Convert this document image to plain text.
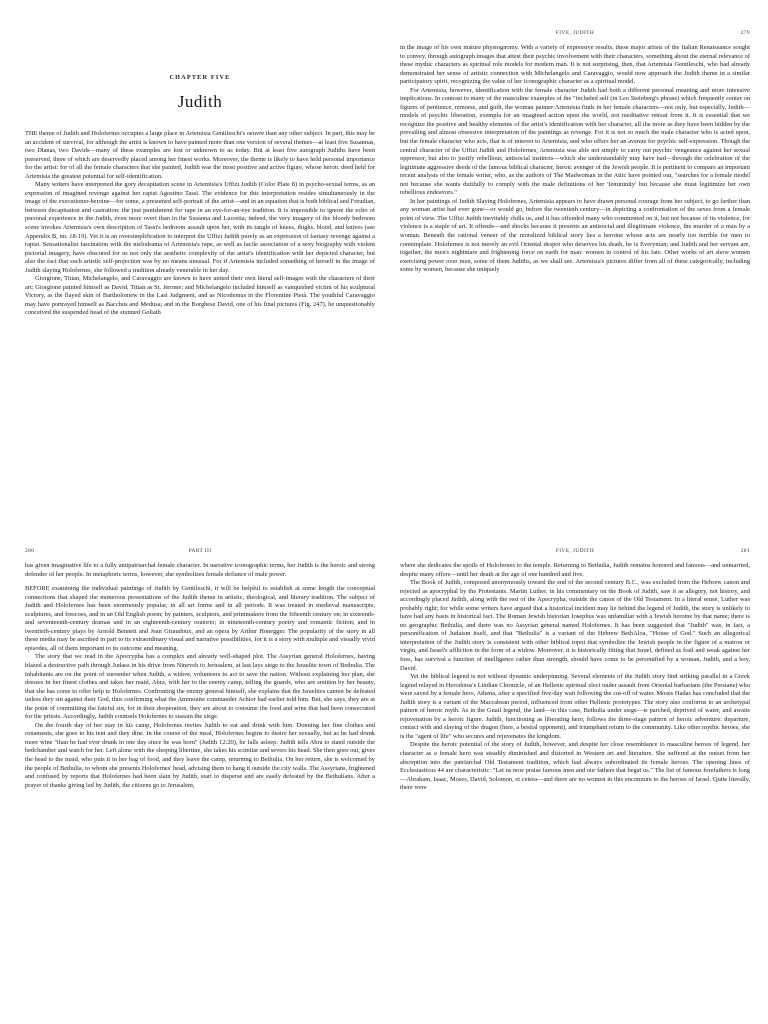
CHAPTER FIVE
Judith

THE theme of Judith and Holofernes occupies a large place in Artemisia Gentileschi's oeuvre than any other subject. In part, this may be an accident of survival, for although the artist is known to have painted more than one version of several themes—at least five Susannas, two Dianas, two Davids—many of these examples are lost or unknown to us today. But at least five autograph Judiths have been preserved, three of which are deservedly placed among her finest works. Moreover, the theme is likely to have held personal importance for the artist: for of all the female characters that she painted, Judith was the most positive and active figure, whose heroic deed held for Artemisia the greatest potential for self-identification.

Many writers have interpreted the gory decapitation scene in Artemisia's Uffizi Judith (Color Plate 8) in psycho-sexual terms, as an expression of imagined revenge against her rapist Agostino Tassi. The evidence for this interpretation resides simultaneously in the image of the executioner-heroine—for some, a presumed self-portrait of the artist—and in an equation that is both biblical and Freudian, between decapitation and castration: the just punishment for rape in an eye-for-an-eye tradition. It is impossible to ignore the echo of personal experience in the Judith, even more overt than in the Susanna and Lucretia; indeed, the very imagery of the bloody bedroom scene invokes Artemisia's own description of Tassi's bedroom assault upon her, with its tangle of knees, thighs, blood, and knives (see Appendix B, nn. 18-19). Yet it is an oversimplification to interpret the Uffizi Judith purely as an expression of fantasy revenge against a rapist. Sensationalist fascination with the melodrama of Artemisia's rape, as well as facile association of a sexy biography with violent pictorial imagery, have obscured for us not only the aesthetic complexity of the artist's identification with her depicted character, but also the fact that such artistic self-projection was by no means unusual. For if Artemisia included something of herself in the image of Judith slaying Holofernes, she followed a tradition already venerable in her day.

Giorgione, Titian, Michelangelo, and Caravaggio are known to have united their own literal self-images with the characters of their art: Giorgione painted himself as David, Titian as St. Jerome; and Michelangelo included himself as vanquished victim of his sculptural Victory, as the flayed skin of Bartholomew in the Last Judgment, and as Nicodemus in the Florentine Pietà. The youthful Caravaggio may have portrayed himself as Bacchus and Medusa; and in the Borghese David, one of his final pictures (Fig. 247), he unquestionably conceived the suspended head of the stunned Goliath

FIVE, JUDITH	279

in the image of his own mature physiognomy. With a variety of expressive results, these major artists of the Italian Renaissance sought to convey, through autograph images that attest their psychic involvement with their characters, something about the eternal relevance of these mythic characters as spiritual role models for modern man. It is not surprising, then, that Artemisia Gentileschi, who had already demonstrated her sense of artistic connection with Michelangelo and Caravaggio, would now approach the Judith theme in a similar participatory spirit, recognizing the value of her iconographic character as a spiritual model.

For Artemisia, however, identification with the female character Judith had both a different personal meaning and more intensive implications. In contrast to many of the masculine examples of the "included self (in Leo Steinberg's phrase) which frequently center on figures of penitence, remorse, and guilt, the woman painter Artemisia finds in her female characters—not only, but especially, Judith—models of psychic liberation, exempla for an imagined action upon the world, not meditative retreat from it. It is essential that we recognize the positive and healthy elements of the artist's identification with her character, all the more as they have been hidden by the prevailing and almost obsessive interpretation of the paintings as revenge. For it is not so much the male character who is acted upon, but the female character who acts, that is of interest to Artemisia, and who offers her an avenue for psychic self-expression. Though the central character of the Uffizi Judith and Holofernes, Artemisia was able not simply to carry out psychic vengeance against her sexual oppressor, but also to justify rebellious, antisocial instincts—which she understandably may have had—through the celebration of the legitimate aggressive deeds of the famous biblical character, heroic avenger of the Jewish people. It is pertinent to compare an important recent analysis of the female writer, who, as the authors of The Madwoman in the Attic have pointed out, "searches for a female model not because she wants dutifully to comply with the male definitions of her 'femininity' but because she must legitimize her own rebellious endeavors."

In her paintings of Judith Slaying Holofernes, Artemisia appears to have drawn personal courage from her subject, to go farther than any woman artist had ever gone—or would go, before the twentieth century—in depicting a confrontation of the sexes from a female point of view. The Uffizi Judith inevitably chills us, and it has offended many who commented on it, but not because of its violence, for violence is a staple of art. It offends—and shocks because it presents an antisocial and illegitimate violence, the murder of a man by a woman. Beneath the rational veneer of the moralized biblical story lies a heroine whose acts are nearly too terrible for men to contemplate. Holofernes is not merely an evil Oriental despot who deserves his death, he is Everyman; and Judith and her servant are, together, the men's nightmare and frightening force on earth for man: women in control of his fate. Other works of art show women exercising power over men, some of them Judiths, as we shall see. Artemisia's pictures differ from all of these categorically, including some by women, because she uniquely

280	PART III

has given imaginative life to a fully antipatriarchal female character. In narrative iconographic terms, her Judith is the heroic and strong defender of her people. In metaphoric terms, however, she symbolizes female defiance of male power.

BEFORE examining the individual paintings of Judith by Gentileschi, it will be helpful to establish at some length the conceptual connections that shaped the numerous presentations of the Judith theme in artistic, theological, and literary tradition. The subject of Judith and Holofernes has been enormously popular, in all art forms and in all periods. It was treated in medieval manuscripts, sculptures, and frescoes, and in an Old English poem; by painters, sculptors, and printmakers from the fifteenth century on; in sixteenth- and seventeenth-century dramas and in an eighteenth-century oratorio; in nineteenth-century poetry and romantic fiction; and in twentieth-century plays by Arnold Bennett and Jean Giraudoux, and an opera by Arthur Honegger. The popularity of the story in all these media may be ascribed in part to its extraordinary visual and narrative possibilities, for it is a story with multiple and visually vivid episodes, all of them important to its outcome and meaning.

The story that we read in the Apocrypha has a complex and already well-shaped plot. The Assyrian general Holofernes, having blazed a destructive path through Judaea in his drive from Nineveh to Jerusalem, at last lays siege to the Israelite town of Bethulia. The inhabitants are on the point of surrender when Judith, a widow, volunteers to act to save the nation. Without explaining her plan, she dresses in her finest clothes and takes her maid, Abra, with her to the enemy camp, telling the guards, who are smitten by her beauty, that she has come to offer help to Holofernes. Confronting the enemy general himself, she explains that the Israelites cannot be defeated unless they sin against their God, thus confirming what the Ammonite commander Achior had earlier told him. But, she says, they are at the point of committing the fateful sin, for in their desperation, they are about to consume the food and wine that had been consecrated for the priests. Accordingly, Judith counsels Holofernes to sustain the siege.

On the fourth day of her stay in his camp, Holofernes invites Judith to eat and drink with him. Donning her fine clothes and ornaments, she goes to his tent and they dine. In the course of the meal, Holofernes begins to desire her sexually, but as he had drunk more wine "than he had ever drunk in one day since he was born" (Judith 12:20), he falls asleep. Judith tells Abra to stand outside the bedchamber and watch for her. Left alone with the sleeping libertine, she takes his scimitar and severs his head. She then goes out, gives the head to the maid, who puts it in her bag of food, and they leave the camp, returning to Bethulia. On her return, she is welcomed by the people of Bethulia, to whom she presents Holofernes' head, advising them to hang it outside the city walls. The Assyrians, frightened and confused by reports that Holofernes had been slain by Judith, start to disperse and are easily defeated by the Bethulians. After a prayer of thanks giving led by Judith, the citizens go to Jerusalem,

FIVE, JUDITH	281

where she dedicates the spoils of Holofernes to the temple. Returning to Bethulia, Judith remains honored and famous—and unmarried, despite many offers—until her death at the age of one hundred and five.

The Book of Judith, composed anonymously toward the end of the second century B.C., was excluded from the Hebrew canon and rejected as apocryphal by the Protestants. Martin Luther, in his commentary on the Book of Judith, saw it as allegory, not history, and accordingly placed Judith, along with the rest of the Apocrypha, outside the canon of the Old Testament. In a literal sense, Luther was probably right; for while some writers have argued that a historical incident may lie behind the legend of Judith, the story is unlikely to have had any basis in historical fact. The Roman Jewish historian Josephus was unfamiliar with a Jewish heroine by that name; there is no geographic Bethulia, and there was no Assyrian general named Holofernes. It has been suggested that "Judith" was, in fact, a personification of Judaism itself, and that "Bethulia" is a variant of the Hebrew BethAloa, "House of God." Such an allegorical interpretation of the Judith story is consistent with other biblical topoi that symbolize the Jewish people in the figure of a matron or virgin, and Israel's affliction in the form of a widow. Moreover, it is historically fitting that Israel, defined as frail and weak against her foes, has survival a function of intelligence rather than strength, should have come to be personified by a woman, Judith, and a boy, David.

Yet the biblical legend is not without dynamic underpinning. Several elements of the Judith story find striking parallel in a Greek legend relayed in Herodotus's Lindian Chronicle, of an Hellenic spiritual elect under assault from Oriental barbarians (the Persians) who were saved by a female hero, Athena, after a specified five-day wait following the cut-off of water. Moses Hadas has concluded that the Judith story is a variant of the Maccabean period, influenced from other Hellenic prototypes. The story also conforms to an archetypal pattern of heroic myth. As in the Gnail legend, the land—in this case, Bethulia under siege—is parched, deprived of water, and awaits rejuvenation by a heroic figure. Judith, functioning as liberating hero, follows the three-stage pattern of heroic adventure: departure, contact with and slaying of the dragon (here, a bestial opponent), and triumphant return to the community. Like other mythic heroes, she is the "agent of life" who secures and rejuvenates the kingdom.

Despite the heroic potential of the story of Judith, however, and despite her close resemblance to masculine heroes of legend, her character as a female hero was steadily diminished and distorted in Western art and literature. She suffered at the outset from her absorption into the patriarchal Old Testament tradition, which had always subordinated its female heroes. The opening lines of Ecclesiasticus 44 are characteristic: "Let us now praise famous men and our fathers that begat us." The list of famous forefathers is long—Abraham, Isaac, Moses, David, Solomon, et cetera—and there are no women in this encomium to the heroes of Israel. Quite literally, there were
